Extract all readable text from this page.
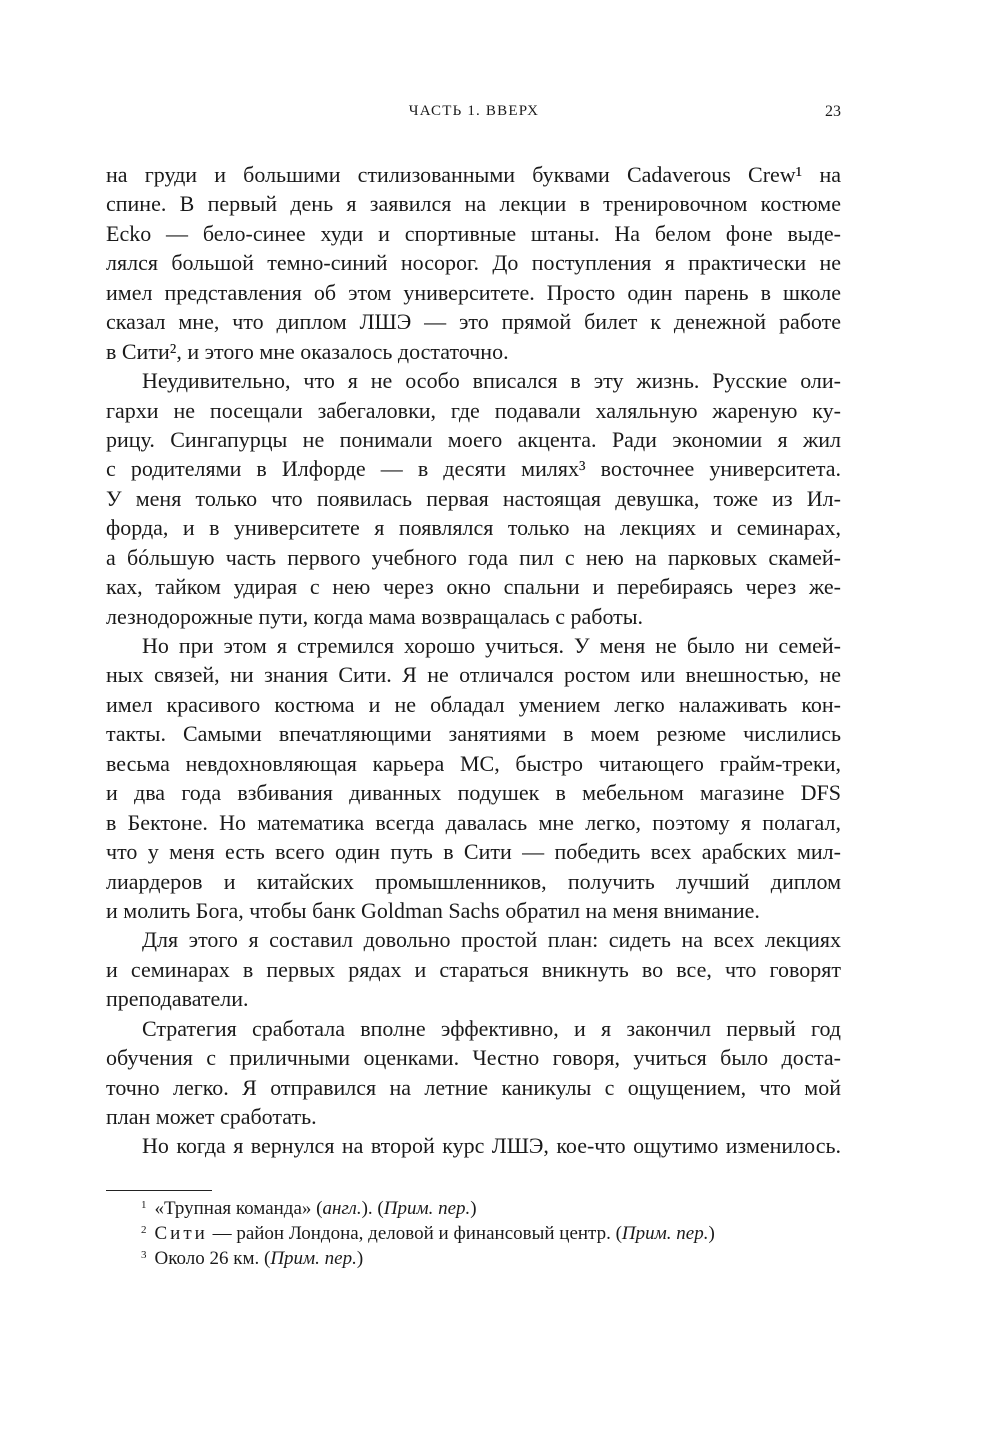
ЧАСТЬ 1. ВВЕРХ	23
на груди и большими стилизованными буквами Cadaverous Crew¹ на
спине. В первый день я заявился на лекции в тренировочном костюме
Ecko — бело-синее худи и спортивные штаны. На белом фоне выде-
лялся большой темно-синий носорог. До поступления я практически не
имел представления об этом университете. Просто один парень в школе
сказал мне, что диплом ЛШЭ — это прямой билет к денежной работе
в Сити², и этого мне оказалось достаточно.
Неудивительно, что я не особо вписался в эту жизнь. Русские оли-
гархи не посещали забегаловки, где подавали халяльную жареную ку-
рицу. Сингапурцы не понимали моего акцента. Ради экономии я жил
с родителями в Илфорде — в десяти милях³ восточнее университета.
У меня только что появилась первая настоящая девушка, тоже из Ил-
форда, и в университете я появлялся только на лекциях и семинарах,
а бóльшую часть первого учебного года пил с нею на парковых скамей-
ках, тайком удирая с нею через окно спальни и перебираясь через же-
лезнодорожные пути, когда мама возвращалась с работы.
Но при этом я стремился хорошо учиться. У меня не было ни семей-
ных связей, ни знания Сити. Я не отличался ростом или внешностью, не
имел красивого костюма и не обладал умением легко налаживать кон-
такты. Самыми впечатляющими занятиями в моем резюме числились
весьма невдохновляющая карьера МС, быстро читающего грайм-треки,
и два года взбивания диванных подушек в мебельном магазине DFS
в Бектоне. Но математика всегда давалась мне легко, поэтому я полагал,
что у меня есть всего один путь в Сити — победить всех арабских мил-
лиардеров и китайских промышленников, получить лучший диплом
и молить Бога, чтобы банк Goldman Sachs обратил на меня внимание.
Для этого я составил довольно простой план: сидеть на всех лекциях
и семинарах в первых рядах и стараться вникнуть во все, что говорят
преподаватели.
Стратегия сработала вполне эффективно, и я закончил первый год
обучения с приличными оценками. Честно говоря, учиться было доста-
точно легко. Я отправился на летние каникулы с ощущением, что мой
план может сработать.
Но когда я вернулся на второй курс ЛШЭ, кое-что ощутимо изменилось.
$^1$ «Трупная команда» (англ.). (Прим. пер.)
$^2$ Сити — район Лондона, деловой и финансовый центр. (Прим. пер.)
$^3$ Около 26 км. (Прим. пер.)
